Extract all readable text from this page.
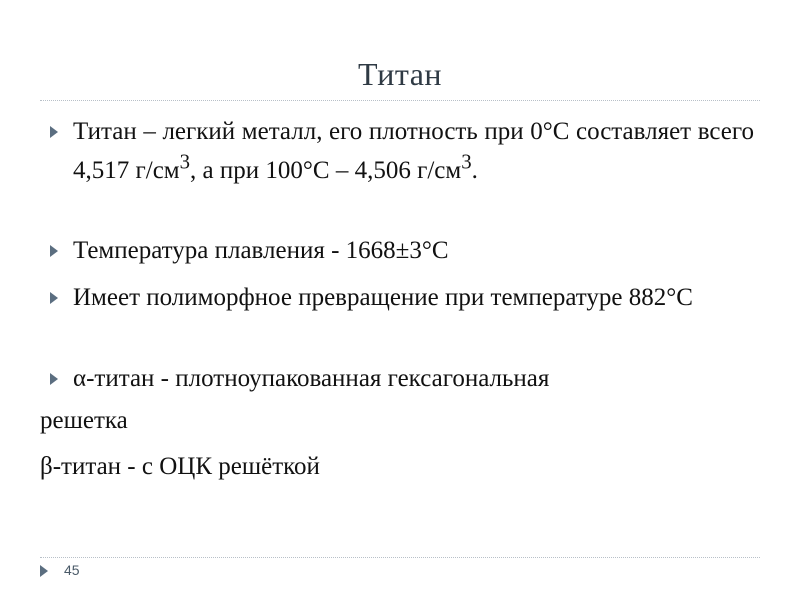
Титан
Титан – легкий металл, его плотность при 0°С составляет всего 4,517 $г/см^3$, а при 100°С – 4,506 $г/см^3$.
Температура плавления - 1668±3°С
Имеет полиморфное превращение при температуре 882°С
α-титан - плотноупакованная гексагональная
решетка
β-титан - с ОЦК решёткой
45
